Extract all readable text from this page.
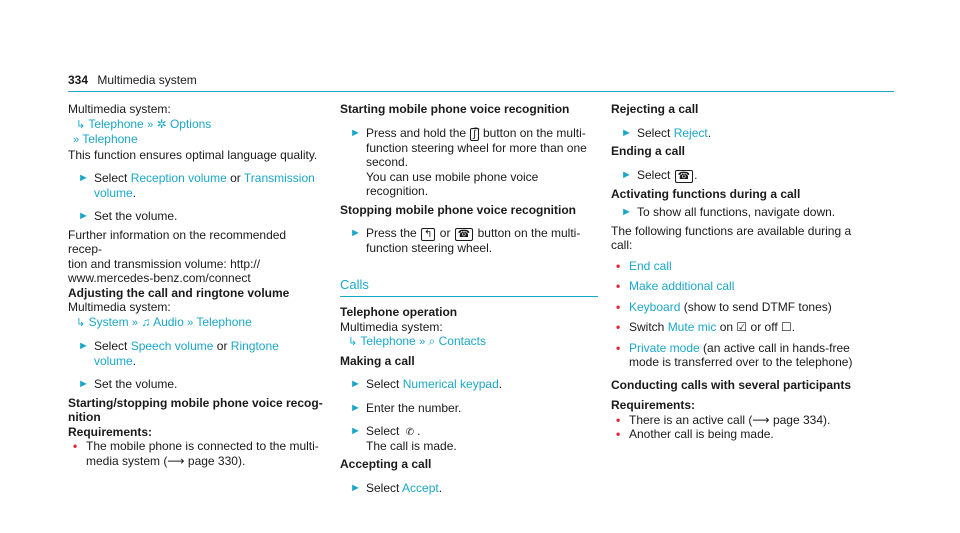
334 Multimedia system

Multimedia system:

↳ Telephone » ✲ Options

» Telephone

This function ensures optimal language quality.

► Select Reception volume or Transmission
volume.
► Set the volume.

Further information on the recommended recep-

tion and transmission volume: http://

www.mercedes-benz.com/connect

Adjusting the call and ringtone volume

Multimedia system:

↳ System » ♫ Audio » Telephone

► Select Speech volume or Ringtone volume.
► Set the volume.

Starting/stopping mobile phone voice recog-

nition

Requirements:

• The mobile phone is connected to the multi-
media system (⟶ page 330).

Starting mobile phone voice recognition

► Press and hold the ʃ͡ button on the multi-
function steering wheel for more than one
second.
You can use mobile phone voice recognition.

Stopping mobile phone voice recognition

► Press the ↰ or ☎ button on the multi-
function steering wheel.
Calls

Telephone operation

Multimedia system:

↳ Telephone » ⌕ Contacts

Making a call

► Select Numerical keypad.
► Enter the number.
► Select ✆ .
The call is made.

Accepting a call

► Select Accept.

Rejecting a call

► Select Reject.

Ending a call

► Select ☎ .

Activating functions during a call

► To show all functions, navigate down.

The following functions are available during a

call:

• End call
• Make additional call
• Keyboard (show to send DTMF tones)
• Switch Mute mic on ☑ or off ☐.
• Private mode (an active call in hands-free
mode is transferred over to the telephone)

Conducting calls with several participants

Requirements:

• There is an active call (⟶ page 334).
• Another call is being made.
